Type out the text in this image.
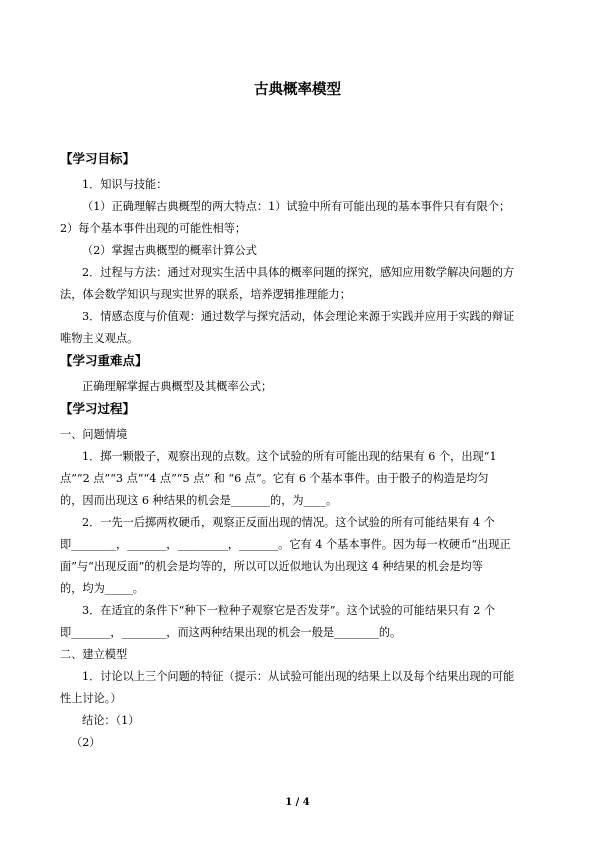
古典概率模型
【学习目标】
1．知识与技能：
（1）正确理解古典概型的两大特点：1）试验中所有可能出现的基本事件只有有限个；
2）每个基本事件出现的可能性相等；
（2）掌握古典概型的概率计算公式
2．过程与方法：通过对现实生活中具体的概率问题的探究，感知应用数学解决问题的方
法，体会数学知识与现实世界的联系，培养逻辑推理能力；
3．情感态度与价值观：通过数学与探究活动，体会理论来源于实践并应用于实践的辩证
唯物主义观点。
【学习重难点】
正确理解掌握古典概型及其概率公式；
【学习过程】
一、问题情境
1．掷一颗骰子，观察出现的点数。这个试验的所有可能出现的结果有 6 个，出现“1
点”“2 点”“3 点”“4 点”“5 点” 和 “6 点”。它有 6 个基本事件。由于骰子的构造是均匀
的，因而出现这 6 种结果的机会是_______的，为____。
2．一先一后掷两枚硬币，观察正反面出现的情况。这个试验的所有可能结果有 4 个
即________，_______，_________，_______。它有 4 个基本事件。因为每一枚硬币“出现正
面”与“出现反面”的机会是均等的，所以可以近似地认为出现这 4 种结果的机会是均等
的，均为_____。
3．在适宜的条件下“种下一粒种子观察它是否发芽”。这个试验的可能结果只有 2 个
即_______，________，而这两种结果出现的机会一般是________的。
二、建立模型
1．讨论以上三个问题的特征（提示：从试验可能出现的结果上以及每个结果出现的可能
性上讨论。）
结论：（1）
（2）
1 / 4
